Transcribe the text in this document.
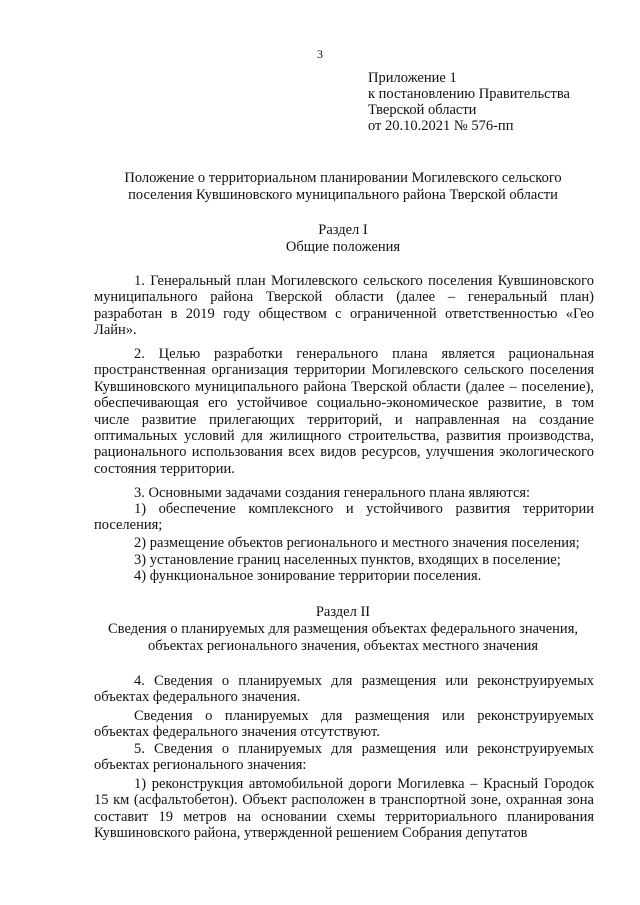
3
Приложение 1
к постановлению Правительства
Тверской области
от 20.10.2021 № 576-пп
Положение о территориальном планировании Могилевского сельского
поселения Кувшиновского муниципального района Тверской области
Раздел I
Общие положения
1. Генеральный план Могилевского сельского поселения Кувшиновского муниципального района Тверской области (далее – генеральный план) разработан в 2019 году обществом с ограниченной ответственностью «Гео Лайн».
2. Целью разработки генерального плана является рациональная пространственная организация территории Могилевского сельского поселения Кувшиновского муниципального района Тверской области (далее – поселение), обеспечивающая его устойчивое социально-экономическое развитие, в том числе развитие прилегающих территорий, и направленная на создание оптимальных условий для жилищного строительства, развития производства, рационального использования всех видов ресурсов, улучшения экологического состояния территории.
3. Основными задачами создания генерального плана являются:
1) обеспечение комплексного и устойчивого развития территории поселения;
2) размещение объектов регионального и местного значения поселения;
3) установление границ населенных пунктов, входящих в поселение;
4) функциональное зонирование территории поселения.
Раздел II
Сведения о планируемых для размещения объектах федерального значения,
объектах регионального значения, объектах местного значения
4. Сведения о планируемых для размещения или реконструируемых объектах федерального значения.
Сведения о планируемых для размещения или реконструируемых объектах федерального значения отсутствуют.
5. Сведения о планируемых для размещения или реконструируемых объектах регионального значения:
1) реконструкция автомобильной дороги Могилевка – Красный Городок 15 км (асфальтобетон). Объект расположен в транспортной зоне, охранная зона составит 19 метров на основании схемы территориального планирования Кувшиновского района, утвержденной решением Собрания депутатов
